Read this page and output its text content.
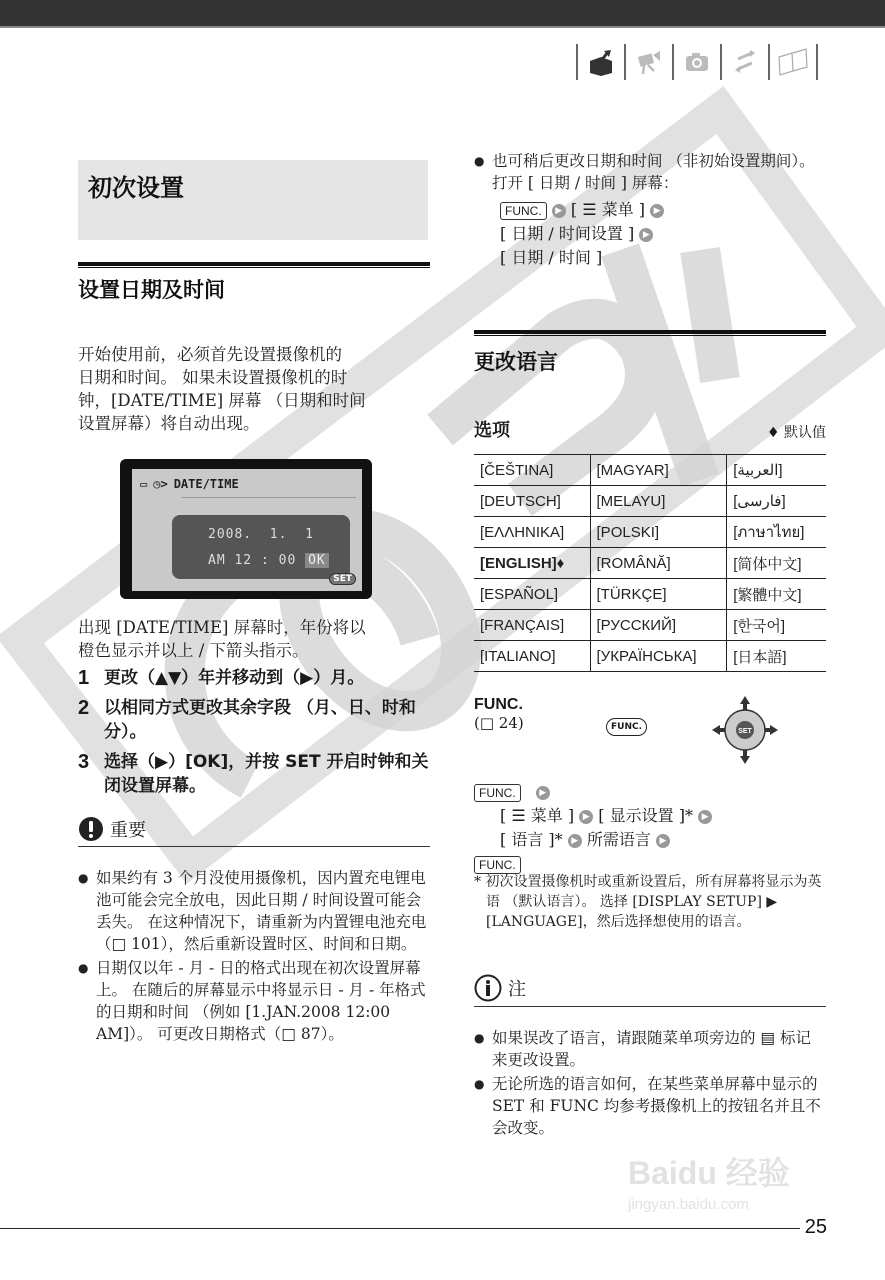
初次设置
设置日期及时间
开始使用前，必须首先设置摄像机的
日期和时间。 如果未设置摄像机的时
钟，[DATE/TIME] 屏幕 （日期和时间
设置屏幕）将自动出现。
▭ ◷> DATE/TIME
2008.  1.  1
AM 12 : 00 OK
SET
出现 [DATE/TIME] 屏幕时，年份将以
橙色显示并以上 / 下箭头指示。
1 更改（▲▼）年并移动到（▶）月。
2 以相同方式更改其余字段 （月、日、时和分）。
3 选择（▶）[OK]，并按 SET 开启时钟和关闭设置屏幕。
重要
● 如果约有 3 个月没使用摄像机，因内置充电锂电池可能会完全放电，因此日期 / 时间设置可能会丢失。 在这种情况下，请重新为内置锂电池充电（□ 101），然后重新设置时区、时间和日期。
● 日期仅以年 - 月 - 日的格式出现在初次设置屏幕上。 在随后的屏幕显示中将显示日 - 月 - 年格式的日期和时间 （例如 [1.JAN.2008 12:00 AM]）。 可更改日期格式（□ 87）。
● 也可稍后更改日期和时间 （非初始设置期间）。 打开 [ 日期 / 时间 ] 屏幕：
FUNC. ▶ [ ☰ 菜单 ] ▶
[ 日期 / 时间设置 ] ▶
[ 日期 / 时间 ]
更改语言
选项	♦ 默认值
[ČEŠTINA]	[MAGYAR]	[العربية]
[DEUTSCH]	[MELAYU]	[فارسی]
[ΕΛΛΗΝΙΚΑ]	[POLSKI]	[ภาษาไทย]
[ENGLISH]♦	[ROMÂNĂ]	[简体中文]
[ESPAÑOL]	[TÜRKÇE]	[繁體中文]
[FRANÇAIS]	[РУССКИЙ]	[한국어]
[ITALIANO]	[УКРАЇНСЬКА]	[日本語]
FUNC.
(□ 24)	FUNC.	SET
FUNC.	▶
[ ☰ 菜单 ] ▶ [ 显示设置 ]* ▶
[ 语言 ]* ▶ 所需语言 ▶
FUNC.
* 初次设置摄像机时或重新设置后，所有屏幕将显示为英语 （默认语言）。 选择 [DISPLAY SETUP] ▶ [LANGUAGE]，然后选择想使用的语言。
注
● 如果误改了语言，请跟随菜单项旁边的 ▤ 标记来更改设置。
● 无论所选的语言如何，在某些菜单屏幕中显示的 SET 和 FUNC 均参考摄像机上的按钮名并且不会改变。
Baidu 经验
jingyan.baidu.com
25
